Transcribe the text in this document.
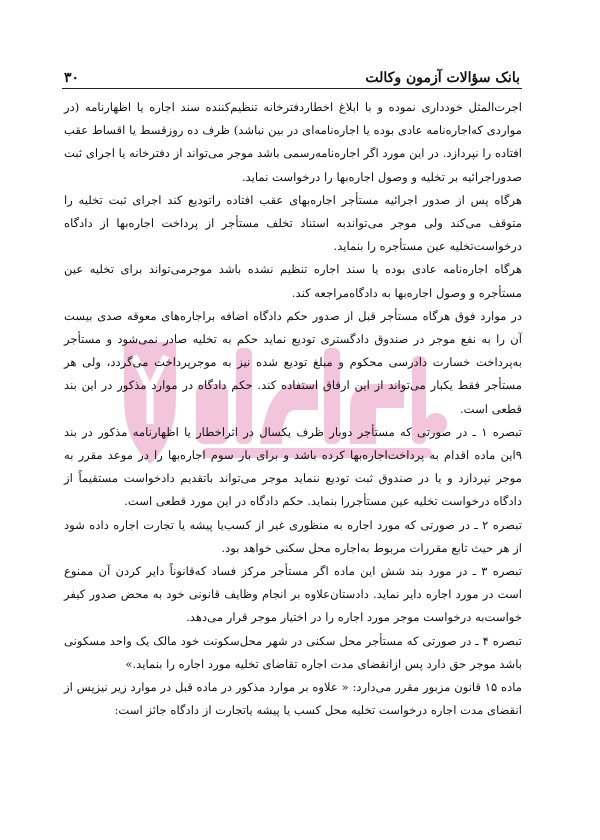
بانک سؤالات آزمون وکالت
۳۰

اجرت‌المثل خودداری نموده و با ابلاغ اخطاردفترخانه تنظیم‌کننده سند اجاره یا اظهارنامه (در مواردی که‌اجاره‌نامه عادی بوده یا اجاره‌نامه‌ای در بین نباشد) ظرف ده روزقسط یا اقساط عقب افتاده را نپردازد. در این مورد اگر اجاره‌نامه‌رسمی باشد موجر می‌تواند از دفترخانه یا اجرای ثبت صدوراجرائیه بر تخلیه و وصول اجاره‌بها را درخواست نماید.

هرگاه پس از صدور اجرائیه مستأجر اجاره‌بهای عقب افتاده راتودیع کند اجرای ثبت تخلیه را متوقف می‌کند ولی موجر می‌تواندبه استناد تخلف مستأجر از پرداخت اجاره‌بها از دادگاه درخواست‌تخلیه عین مستأجره را بنماید.

هرگاه اجاره‌نامه عادی بوده یا سند اجاره تنظیم نشده باشد موجرمی‌تواند برای تخلیه عین مستأجره و وصول اجاره‌بها به دادگاه‌مراجعه کند.

در موارد فوق هرگاه مستأجر قبل از صدور حکم دادگاه اضافه براجاره‌های معوقه صدی بیست آن را به نفع موجر در صندوق دادگستری تودیع نماید حکم به تخلیه صادر نمی‌شود و مستأجر به‌پرداخت خسارت دادرسی محکوم و مبلغ تودیع شده نیز به موجرپرداخت می‌گردد، ولی هر مستأجر فقط یکبار می‌تواند از این ارفاق استفاده کند. حکم دادگاه در موارد مذکور در این بند قطعی است.

تبصره ۱ ـ در صورتی که مستأجر دوبار ظرف یکسال در اثراخطار یا اظهارنامه مذکور در بند ۹این ماده اقدام به پرداخت‌اجاره‌بها کرده باشد و برای بار سوم اجاره‌بها را در موعد مقرر به موجر نپردازد و یا در صندوق ثبت تودیع ننماید موجر می‌تواند باتقدیم دادخواست مستقیماً از دادگاه درخواست تخلیه عین مستأجررا بنماید. حکم دادگاه در این مورد قطعی است.

تبصره ۲ ـ در صورتی که مورد اجاره به منظوری غیر از کسب‌یا پیشه یا تجارت اجاره داده شود از هر حیث تابع مقررات مربوط به‌اجاره محل سکنی خواهد بود.

تبصره ۳ ـ در مورد بند شش این ماده اگر مستأجر مرکز فساد که‌قانوناً دایر کردن آن ممنوع است در مورد اجاره دایر نماید. دادستان‌علاوه بر انجام وظایف قانونی خود به محض صدور کیفر خواست‌به درخواست موجر مورد اجاره را در اختیار موجر قرار می‌دهد.

تبصره ۴ ـ در صورتی که مستأجر محل سکنی در شهر محل‌سکونت خود مالک یک واحد مسکونی باشد موجر حق دارد پس ازانقضای مدت اجاره تقاضای تخلیه مورد اجاره را بنماید.»

ماده ۱۵ قانون مزبور مقرر می‌دارد: « علاوه بر موارد مذکور در ماده قبل در موارد زیر نیز‌پس از انقضای مدت اجاره درخواست تخلیه محل کسب یا پیشه یاتجارت از دادگاه جائز است:
